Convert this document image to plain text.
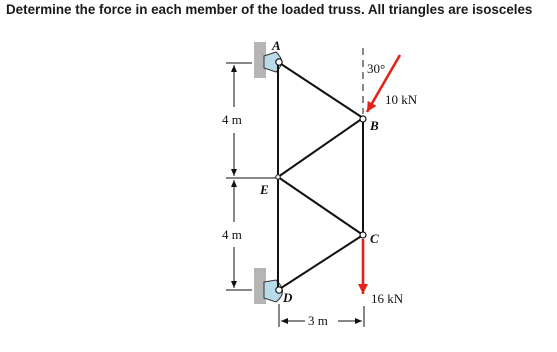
Determine the force in each member of the loaded truss. All triangles are isosceles
A
B
C
D
E
4 m
4 m
3 m
30°
10 kN
16 kN
